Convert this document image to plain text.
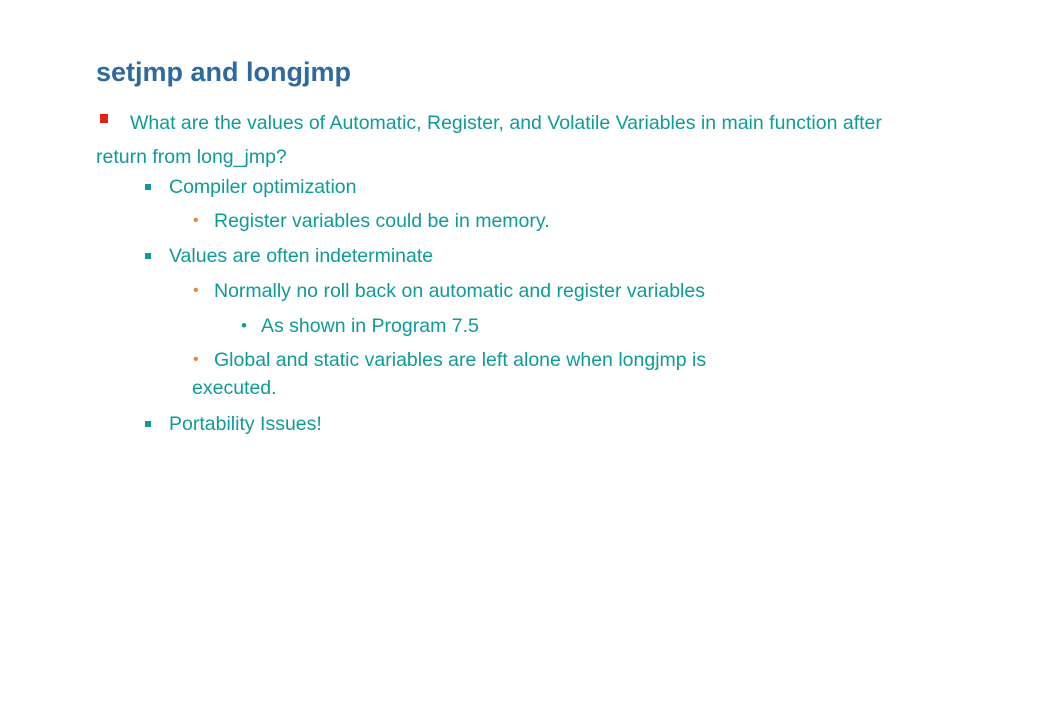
setjmp and longjmp
What are the values of Automatic, Register, and Volatile Variables in main function after return from long_jmp?
Compiler optimization
• Register variables could be in memory.
Values are often indeterminate
• Normally no roll back on automatic and register variables
• As shown in Program 7.5
• Global and static variables are left alone when longjmp is
executed.
Portability Issues!
